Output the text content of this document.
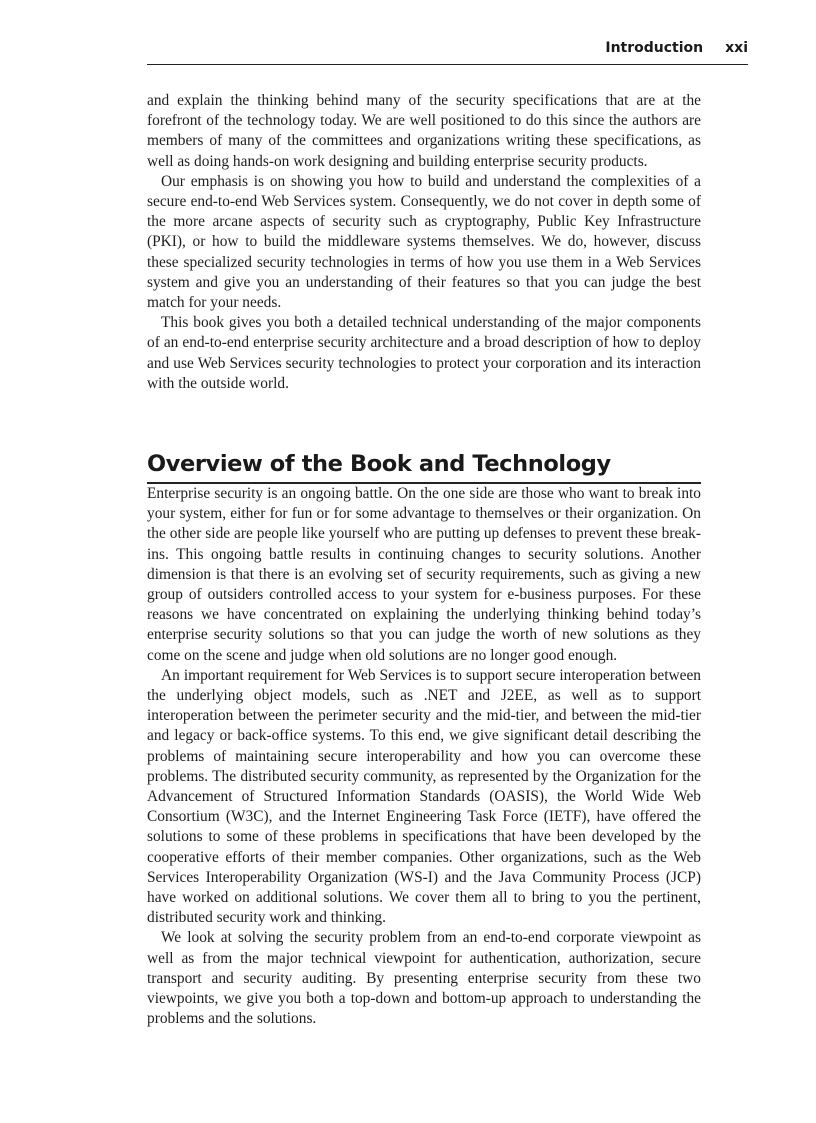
Introduction xxi

and explain the thinking behind many of the security specifications that are at the forefront of the technology today. We are well positioned to do this since the authors are members of many of the committees and organizations writing these specifications, as well as doing hands-on work designing and building enterprise security products.

Our emphasis is on showing you how to build and understand the complexities of a secure end-to-end Web Services system. Consequently, we do not cover in depth some of the more arcane aspects of security such as cryptography, Public Key Infrastructure (PKI), or how to build the middleware systems themselves. We do, however, discuss these specialized security technologies in terms of how you use them in a Web Services system and give you an understanding of their features so that you can judge the best match for your needs.

This book gives you both a detailed technical understanding of the major components of an end-to-end enterprise security architecture and a broad description of how to deploy and use Web Services security technologies to protect your corporation and its interaction with the outside world.

Overview of the Book and Technology

Enterprise security is an ongoing battle. On the one side are those who want to break into your system, either for fun or for some advantage to themselves or their organization. On the other side are people like yourself who are putting up defenses to prevent these break-ins. This ongoing battle results in continuing changes to security solutions. Another dimension is that there is an evolving set of security requirements, such as giving a new group of outsiders controlled access to your system for e-business purposes. For these reasons we have concentrated on explaining the underlying thinking behind today’s enterprise security solutions so that you can judge the worth of new solutions as they come on the scene and judge when old solutions are no longer good enough.

An important requirement for Web Services is to support secure interoperation between the underlying object models, such as .NET and J2EE, as well as to support interoperation between the perimeter security and the mid-tier, and between the mid-tier and legacy or back-office systems. To this end, we give significant detail describing the problems of maintaining secure interoperability and how you can overcome these problems. The distributed security community, as represented by the Organization for the Advancement of Structured Information Standards (OASIS), the World Wide Web Consortium (W3C), and the Internet Engineering Task Force (IETF), have offered the solutions to some of these problems in specifications that have been developed by the cooperative efforts of their member companies. Other organizations, such as the Web Services Interoperability Organization (WS-I) and the Java Community Process (JCP) have worked on additional solutions. We cover them all to bring to you the pertinent, distributed security work and thinking.

We look at solving the security problem from an end-to-end corporate viewpoint as well as from the major technical viewpoint for authentication, authorization, secure transport and security auditing. By presenting enterprise security from these two viewpoints, we give you both a top-down and bottom-up approach to understanding the problems and the solutions.
